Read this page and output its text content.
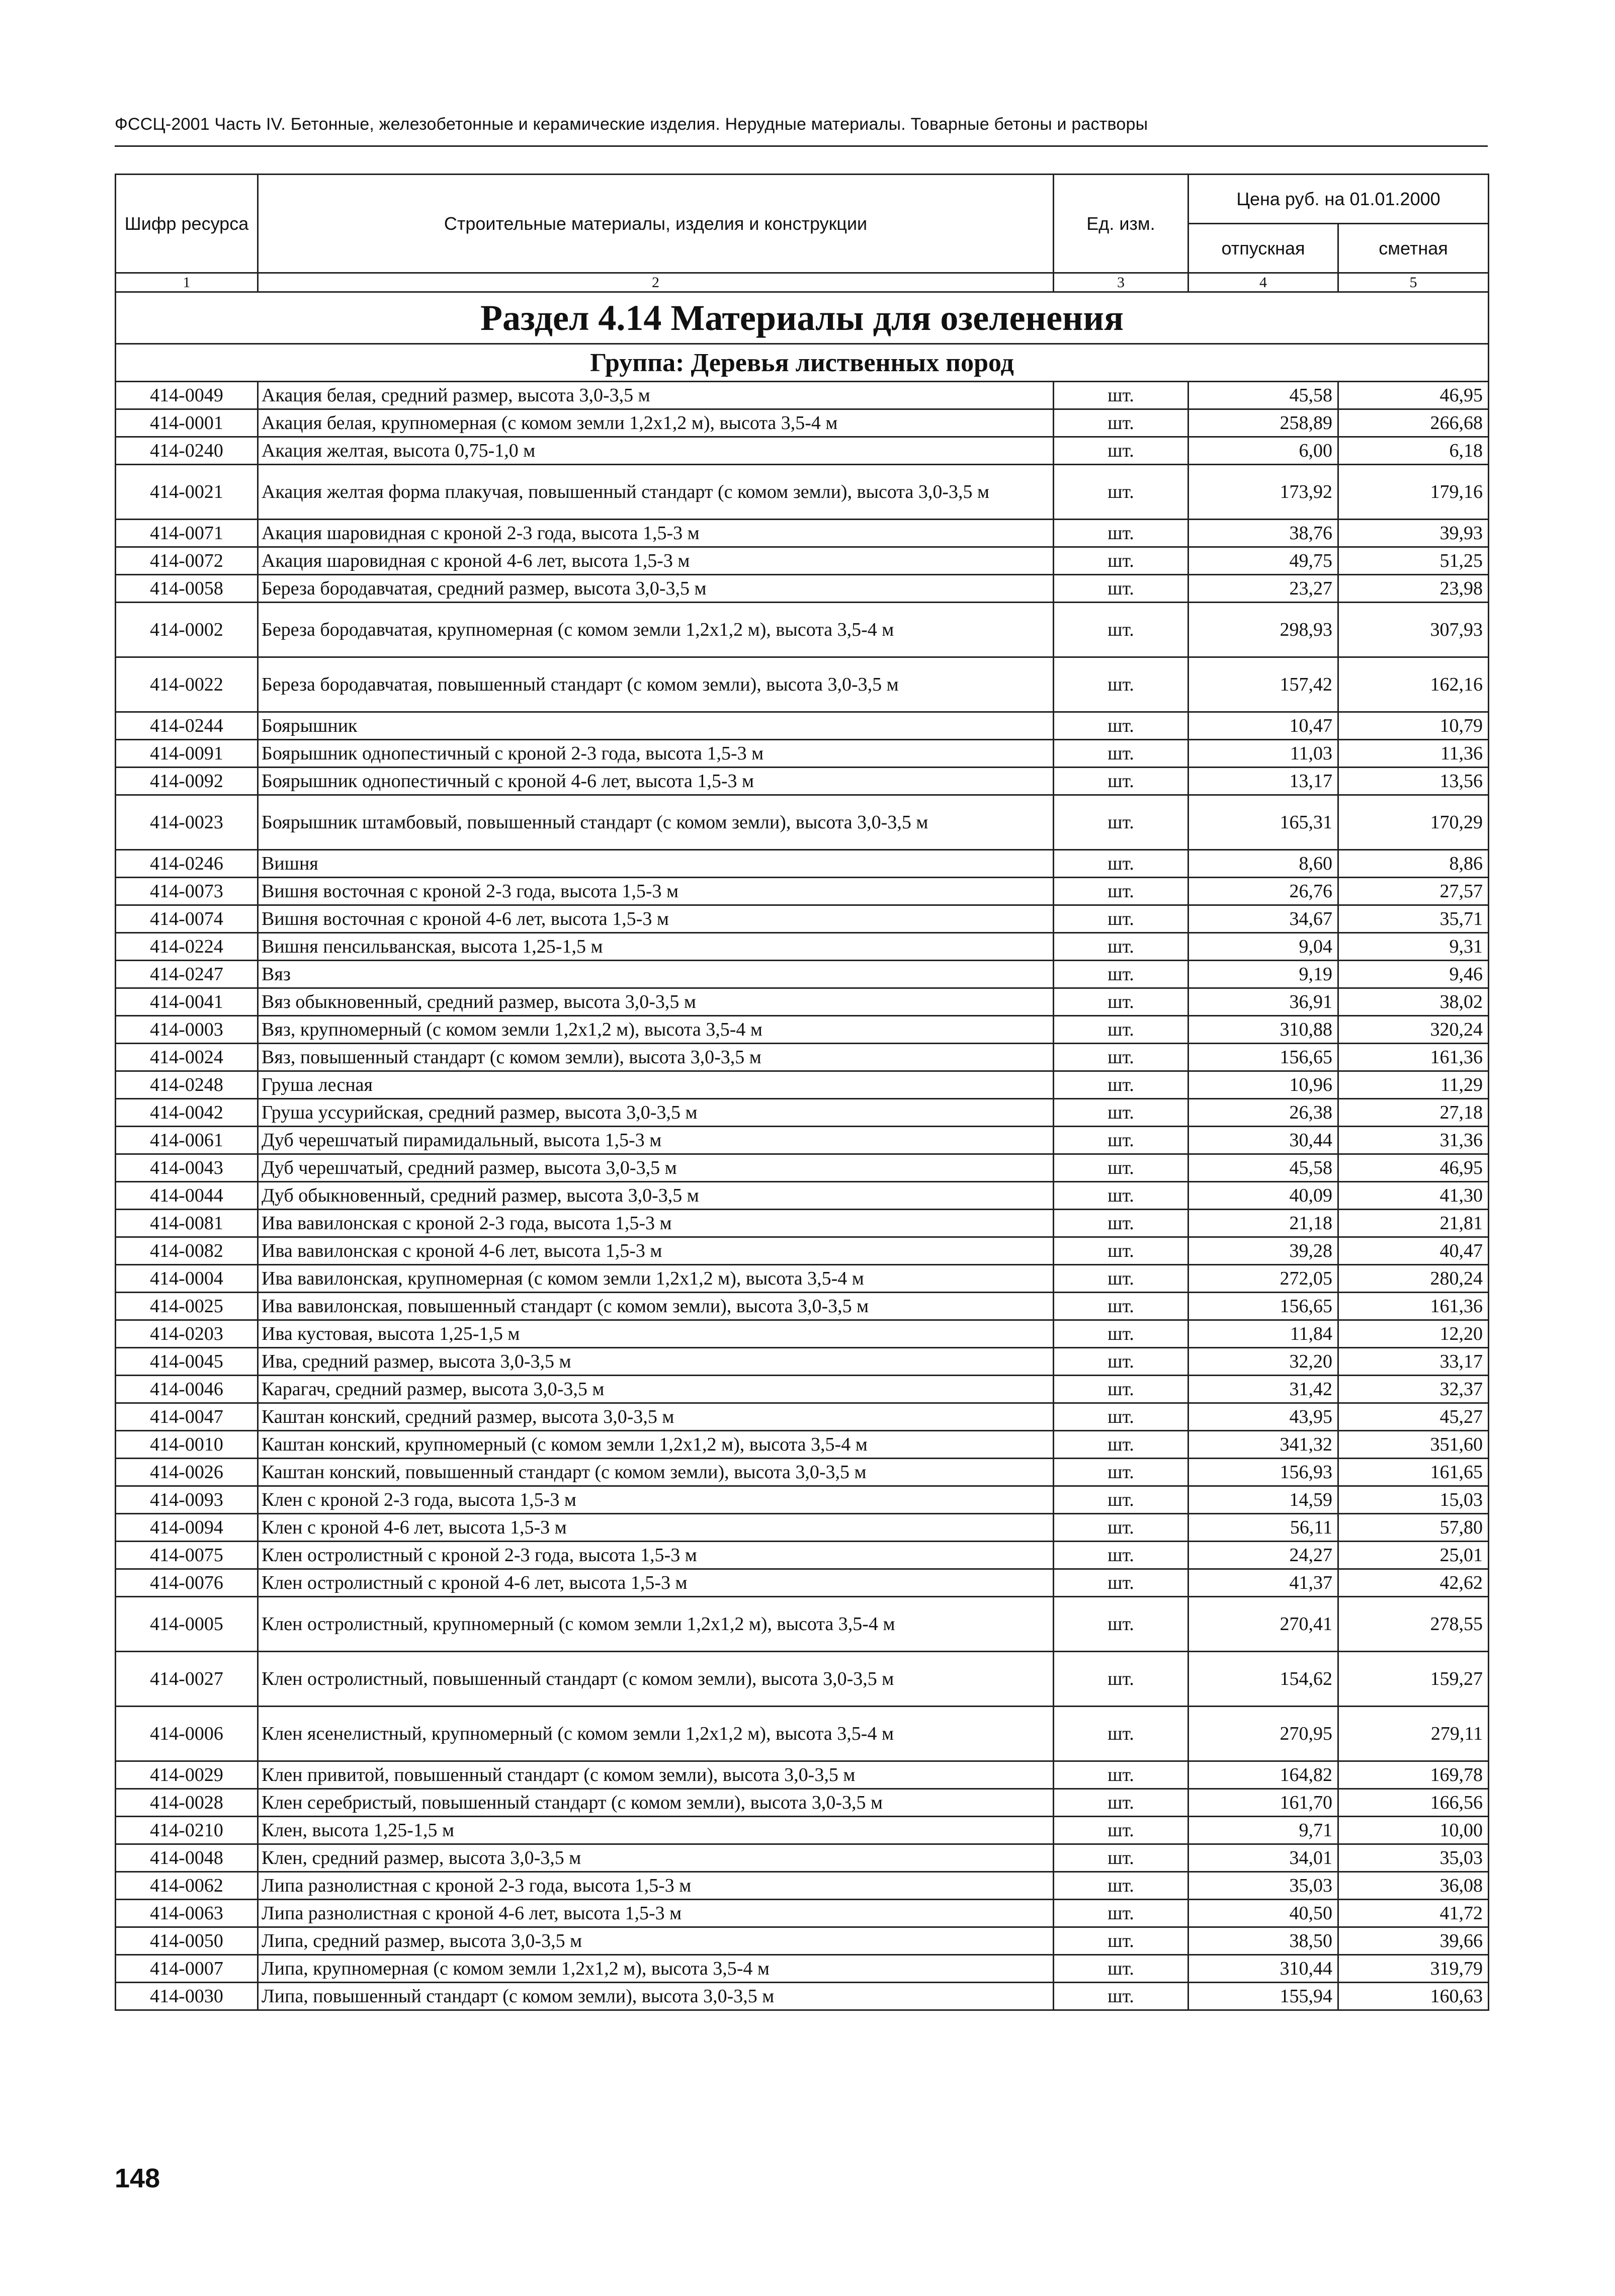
ФССЦ-2001 Часть IV. Бетонные, железобетонные и керамические изделия. Нерудные материалы. Товарные бетоны и растворы
Шифр ресурса	Строительные материалы, изделия и конструкции	Ед. изм.	Цена руб. на 01.01.2000	
			отпускная	сметная
1	2	3	4	5
Раздел 4.14 Материалы для озеленения				
Группа: Деревья лиственных пород				
414-0049	Акация белая, средний размер, высота 3,0-3,5 м	шт.	45,58	46,95
414-0001	Акация белая, крупномерная (с комом земли 1,2х1,2 м), высота 3,5-4 м	шт.	258,89	266,68
414-0240	Акация желтая, высота 0,75-1,0 м	шт.	6,00	6,18
414-0021	Акация желтая форма плакучая, повышенный стандарт (с комом земли), высота 3,0-3,5 м	шт.	173,92	179,16
414-0071	Акация шаровидная с кроной 2-3 года, высота 1,5-3 м	шт.	38,76	39,93
414-0072	Акация шаровидная с кроной 4-6 лет, высота 1,5-3 м	шт.	49,75	51,25
414-0058	Береза бородавчатая, средний размер, высота 3,0-3,5 м	шт.	23,27	23,98
414-0002	Береза бородавчатая, крупномерная (с комом земли 1,2х1,2 м), высота 3,5-4 м	шт.	298,93	307,93
414-0022	Береза бородавчатая, повышенный стандарт (с комом земли), высота 3,0-3,5 м	шт.	157,42	162,16
414-0244	Боярышник	шт.	10,47	10,79
414-0091	Боярышник однопестичный с кроной 2-3 года, высота 1,5-3 м	шт.	11,03	11,36
414-0092	Боярышник однопестичный с кроной 4-6 лет, высота 1,5-3 м	шт.	13,17	13,56
414-0023	Боярышник штамбовый, повышенный стандарт (с комом земли), высота 3,0-3,5 м	шт.	165,31	170,29
414-0246	Вишня	шт.	8,60	8,86
414-0073	Вишня восточная с кроной 2-3 года, высота 1,5-3 м	шт.	26,76	27,57
414-0074	Вишня восточная с кроной 4-6 лет, высота 1,5-3 м	шт.	34,67	35,71
414-0224	Вишня пенсильванская, высота 1,25-1,5 м	шт.	9,04	9,31
414-0247	Вяз	шт.	9,19	9,46
414-0041	Вяз обыкновенный, средний размер, высота 3,0-3,5 м	шт.	36,91	38,02
414-0003	Вяз, крупномерный (с комом земли 1,2х1,2 м), высота 3,5-4 м	шт.	310,88	320,24
414-0024	Вяз, повышенный стандарт (с комом земли), высота 3,0-3,5 м	шт.	156,65	161,36
414-0248	Груша лесная	шт.	10,96	11,29
414-0042	Груша уссурийская, средний размер, высота 3,0-3,5 м	шт.	26,38	27,18
414-0061	Дуб черешчатый пирамидальный, высота 1,5-3 м	шт.	30,44	31,36
414-0043	Дуб черешчатый, средний размер, высота 3,0-3,5 м	шт.	45,58	46,95
414-0044	Дуб обыкновенный, средний размер, высота 3,0-3,5 м	шт.	40,09	41,30
414-0081	Ива вавилонская с кроной 2-3 года, высота 1,5-3 м	шт.	21,18	21,81
414-0082	Ива вавилонская с кроной 4-6 лет, высота 1,5-3 м	шт.	39,28	40,47
414-0004	Ива вавилонская, крупномерная (с комом земли 1,2х1,2 м), высота 3,5-4 м	шт.	272,05	280,24
414-0025	Ива вавилонская, повышенный стандарт (с комом земли), высота 3,0-3,5 м	шт.	156,65	161,36
414-0203	Ива кустовая, высота 1,25-1,5 м	шт.	11,84	12,20
414-0045	Ива, средний размер, высота 3,0-3,5 м	шт.	32,20	33,17
414-0046	Карагач, средний размер, высота 3,0-3,5 м	шт.	31,42	32,37
414-0047	Каштан конский, средний размер, высота 3,0-3,5 м	шт.	43,95	45,27
414-0010	Каштан конский, крупномерный (с комом земли 1,2х1,2 м), высота 3,5-4 м	шт.	341,32	351,60
414-0026	Каштан конский, повышенный стандарт (с комом земли), высота 3,0-3,5 м	шт.	156,93	161,65
414-0093	Клен с кроной 2-3 года, высота 1,5-3 м	шт.	14,59	15,03
414-0094	Клен с кроной 4-6 лет, высота 1,5-3 м	шт.	56,11	57,80
414-0075	Клен остролистный с кроной 2-3 года, высота 1,5-3 м	шт.	24,27	25,01
414-0076	Клен остролистный с кроной 4-6 лет, высота 1,5-3 м	шт.	41,37	42,62
414-0005	Клен остролистный, крупномерный (с комом земли 1,2х1,2 м), высота 3,5-4 м	шт.	270,41	278,55
414-0027	Клен остролистный, повышенный стандарт (с комом земли), высота 3,0-3,5 м	шт.	154,62	159,27
414-0006	Клен ясенелистный, крупномерный (с комом земли 1,2х1,2 м), высота 3,5-4 м	шт.	270,95	279,11
414-0029	Клен привитой, повышенный стандарт (с комом земли), высота 3,0-3,5 м	шт.	164,82	169,78
414-0028	Клен серебристый, повышенный стандарт (с комом земли), высота 3,0-3,5 м	шт.	161,70	166,56
414-0210	Клен, высота 1,25-1,5 м	шт.	9,71	10,00
414-0048	Клен, средний размер, высота 3,0-3,5 м	шт.	34,01	35,03
414-0062	Липа разнолистная с кроной 2-3 года, высота 1,5-3 м	шт.	35,03	36,08
414-0063	Липа разнолистная с кроной 4-6 лет, высота 1,5-3 м	шт.	40,50	41,72
414-0050	Липа, средний размер, высота 3,0-3,5 м	шт.	38,50	39,66
414-0007	Липа, крупномерная (с комом земли 1,2х1,2 м), высота 3,5-4 м	шт.	310,44	319,79
414-0030	Липа, повышенный стандарт (с комом земли), высота 3,0-3,5 м	шт.	155,94	160,63
148
